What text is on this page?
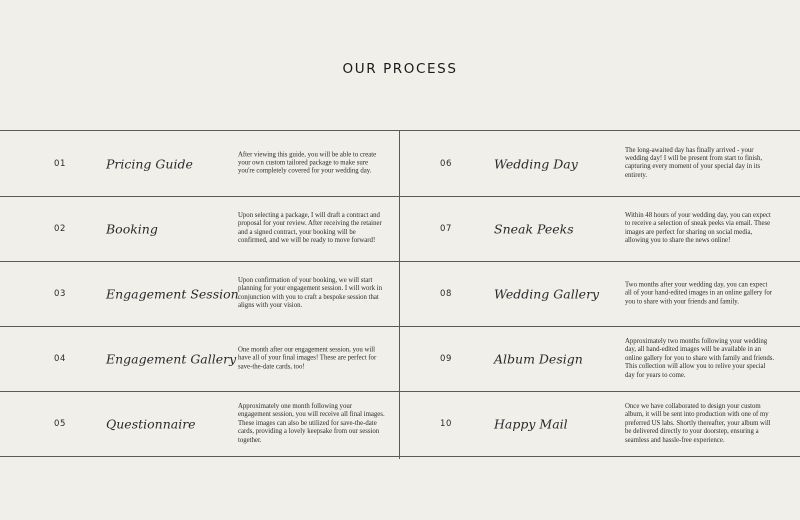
OUR PROCESS
01	Pricing Guide
After viewing this guide, you will be able to create your own custom tailored package to make sure you're completely covered for your wedding day.
02	Booking
Upon selecting a package, I will draft a contract and proposal for your review. After receiving the retainer and a signed contract, your booking will be confirmed, and we will be ready to move forward!
03	Engagement Session
Upon confirmation of your booking, we will start planning for your engagement session. I will work in conjunction with you to craft a bespoke session that aligns with your vision.
04	Engagement Gallery
One month after our engagement session, you will have all of your final images! These are perfect for save-the-date cards, too!
05	Questionnaire
Approximately one month following your engagement session, you will receive all final images. These images can also be utilized for save-the-date cards, providing a lovely keepsake from our session together.
06	Wedding Day
The long-awaited day has finally arrived - your wedding day! I will be present from start to finish, capturing every moment of your special day in its entirety.
07	Sneak Peeks
Within 48 hours of your wedding day, you can expect to receive a selection of sneak peeks via email. These images are perfect for sharing on social media, allowing you to share the news online!
08	Wedding Gallery
Two months after your wedding day, you can expect all of your hand-edited images in an online gallery for you to share with your friends and family.
09	Album Design
Approximately two months following your wedding day, all hand-edited images will be available in an online gallery for you to share with family and friends. This collection will allow you to relive your special day for years to come.
10	Happy Mail
Once we have collaborated to design your custom album, it will be sent into production with one of my preferred US labs. Shortly thereafter, your album will be delivered directly to your doorstep, ensuring a seamless and hassle-free experience.
